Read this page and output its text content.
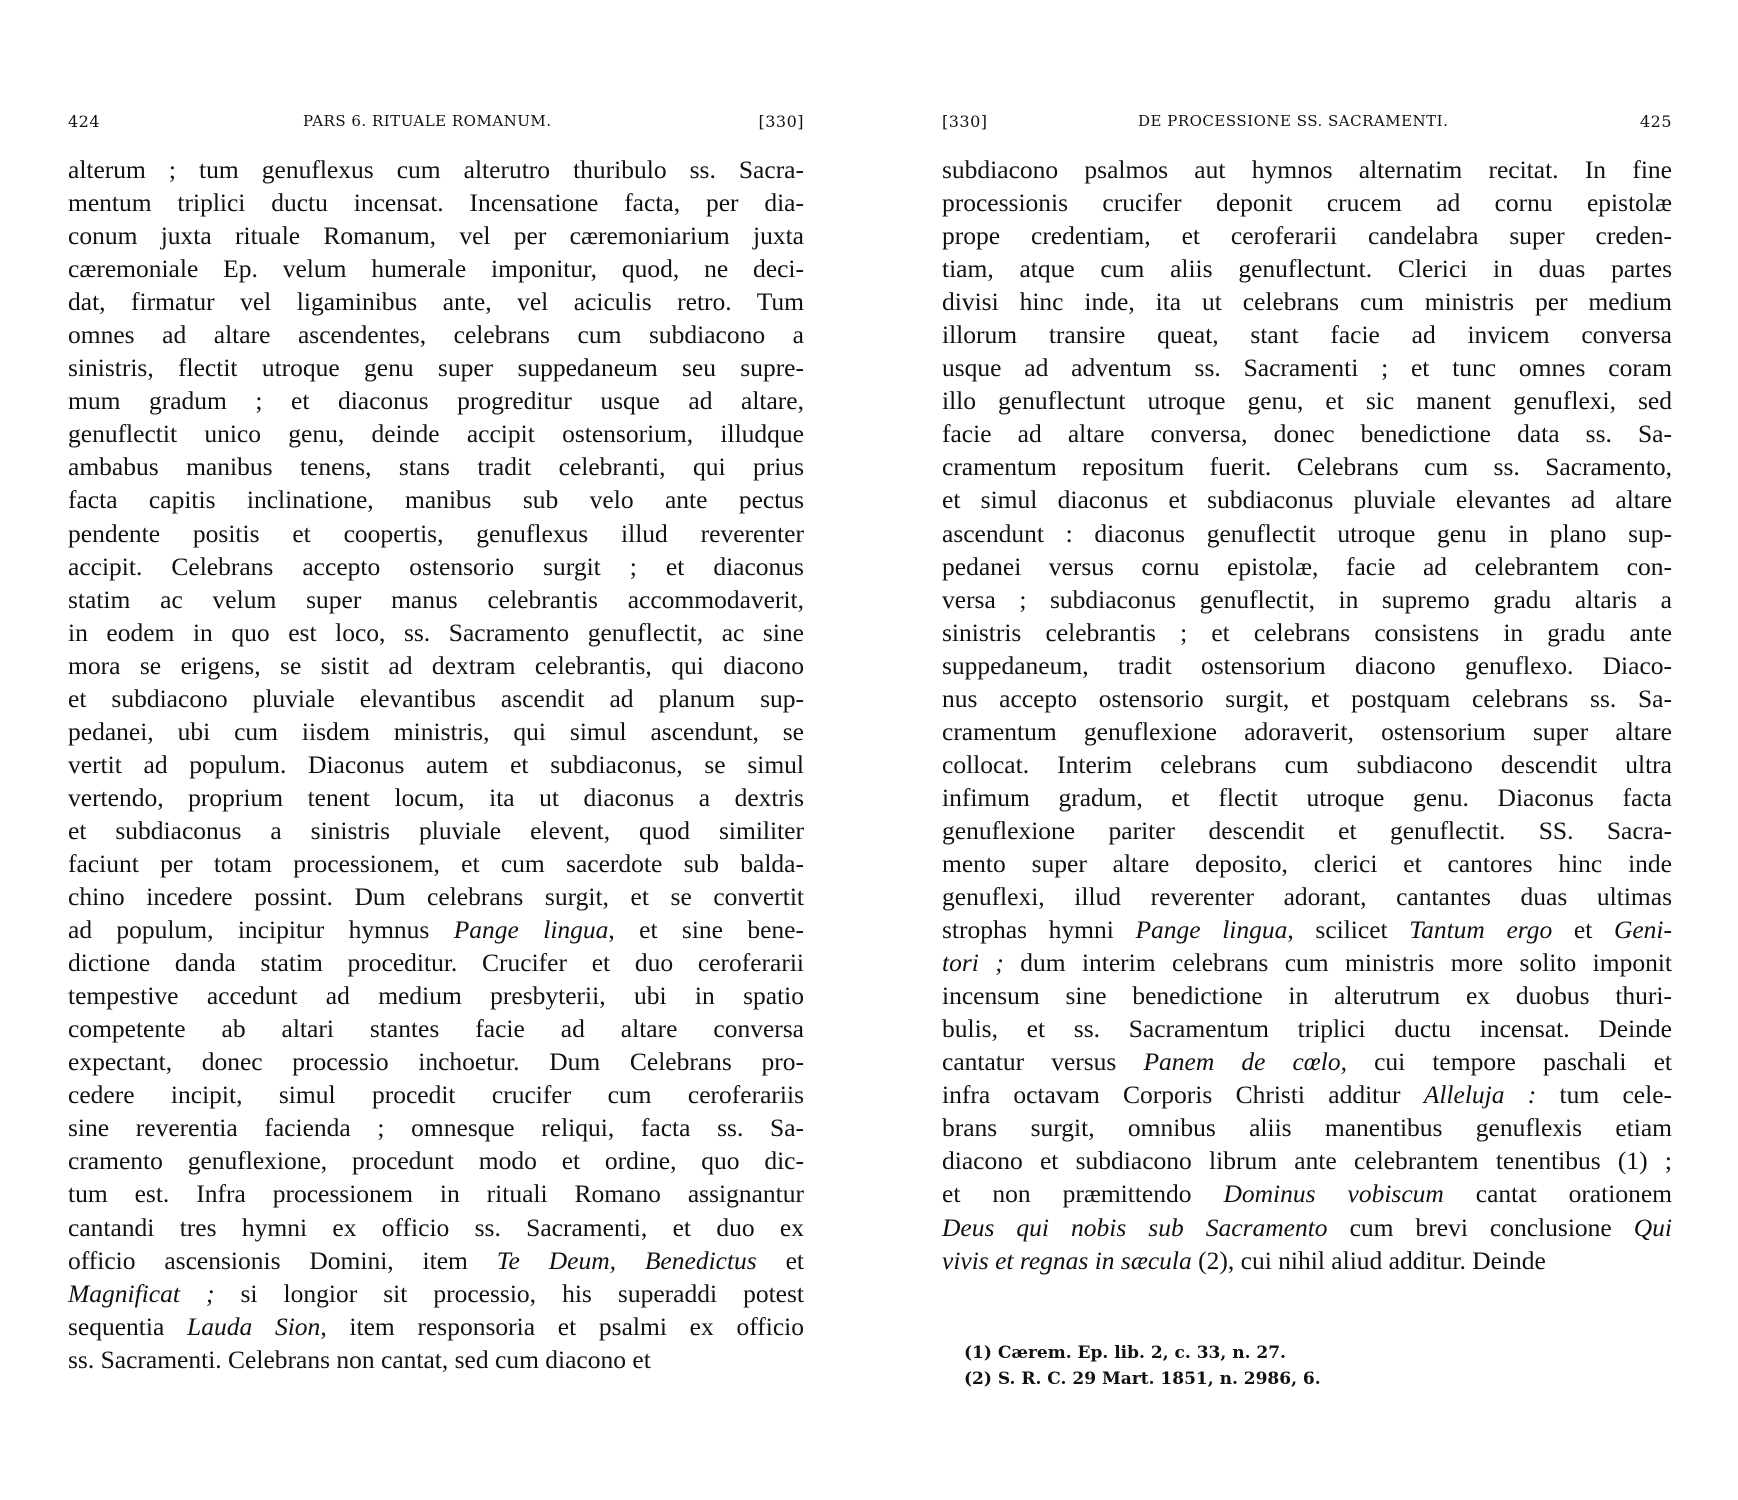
424	PARS 6. RITUALE ROMANUM.	[330]
alterum ; tum genuflexus cum alterutro thuribulo ss. Sacra-
mentum triplici ductu incensat. Incensatione facta, per dia-
conum juxta rituale Romanum, vel per cæremoniarium juxta
cæremoniale Ep. velum humerale imponitur, quod, ne deci-
dat, firmatur vel ligaminibus ante, vel aciculis retro. Tum
omnes ad altare ascendentes, celebrans cum subdiacono a
sinistris, flectit utroque genu super suppedaneum seu supre-
mum gradum ; et diaconus progreditur usque ad altare,
genuflectit unico genu, deinde accipit ostensorium, illudque
ambabus manibus tenens, stans tradit celebranti, qui prius
facta capitis inclinatione, manibus sub velo ante pectus
pendente positis et coopertis, genuflexus illud reverenter
accipit. Celebrans accepto ostensorio surgit ; et diaconus
statim ac velum super manus celebrantis accommodaverit,
in eodem in quo est loco, ss. Sacramento genuflectit, ac sine
mora se erigens, se sistit ad dextram celebrantis, qui diacono
et subdiacono pluviale elevantibus ascendit ad planum sup-
pedanei, ubi cum iisdem ministris, qui simul ascendunt, se
vertit ad populum. Diaconus autem et subdiaconus, se simul
vertendo, proprium tenent locum, ita ut diaconus a dextris
et subdiaconus a sinistris pluviale elevent, quod similiter
faciunt per totam processionem, et cum sacerdote sub balda-
chino incedere possint. Dum celebrans surgit, et se convertit
ad populum, incipitur hymnus Pange lingua, et sine bene-
dictione danda statim proceditur. Crucifer et duo ceroferarii
tempestive accedunt ad medium presbyterii, ubi in spatio
competente ab altari stantes facie ad altare conversa
expectant, donec processio inchoetur. Dum Celebrans pro-
cedere incipit, simul procedit crucifer cum ceroferariis
sine reverentia facienda ; omnesque reliqui, facta ss. Sa-
cramento genuflexione, procedunt modo et ordine, quo dic-
tum est. Infra processionem in rituali Romano assignantur
cantandi tres hymni ex officio ss. Sacramenti, et duo ex
officio ascensionis Domini, item Te Deum, Benedictus et
Magnificat ; si longior sit processio, his superaddi potest
sequentia Lauda Sion, item responsoria et psalmi ex officio
ss. Sacramenti. Celebrans non cantat, sed cum diacono et
[330]	DE PROCESSIONE SS. SACRAMENTI.	425
subdiacono psalmos aut hymnos alternatim recitat. In fine
processionis crucifer deponit crucem ad cornu epistolæ
prope credentiam, et ceroferarii candelabra super creden-
tiam, atque cum aliis genuflectunt. Clerici in duas partes
divisi hinc inde, ita ut celebrans cum ministris per medium
illorum transire queat, stant facie ad invicem conversa
usque ad adventum ss. Sacramenti ; et tunc omnes coram
illo genuflectunt utroque genu, et sic manent genuflexi, sed
facie ad altare conversa, donec benedictione data ss. Sa-
cramentum repositum fuerit. Celebrans cum ss. Sacramento,
et simul diaconus et subdiaconus pluviale elevantes ad altare
ascendunt : diaconus genuflectit utroque genu in plano sup-
pedanei versus cornu epistolæ, facie ad celebrantem con-
versa ; subdiaconus genuflectit, in supremo gradu altaris a
sinistris celebrantis ; et celebrans consistens in gradu ante
suppedaneum, tradit ostensorium diacono genuflexo. Diaco-
nus accepto ostensorio surgit, et postquam celebrans ss. Sa-
cramentum genuflexione adoraverit, ostensorium super altare
collocat. Interim celebrans cum subdiacono descendit ultra
infimum gradum, et flectit utroque genu. Diaconus facta
genuflexione pariter descendit et genuflectit. SS. Sacra-
mento super altare deposito, clerici et cantores hinc inde
genuflexi, illud reverenter adorant, cantantes duas ultimas
strophas hymni Pange lingua, scilicet Tantum ergo et Geni-
tori ; dum interim celebrans cum ministris more solito imponit
incensum sine benedictione in alterutrum ex duobus thuri-
bulis, et ss. Sacramentum triplici ductu incensat. Deinde
cantatur versus Panem de cœlo, cui tempore paschali et
infra octavam Corporis Christi additur Alleluja : tum cele-
brans surgit, omnibus aliis manentibus genuflexis etiam
diacono et subdiacono librum ante celebrantem tenentibus (1) ;
et non præmittendo Dominus vobiscum cantat orationem
Deus qui nobis sub Sacramento cum brevi conclusione Qui
vivis et regnas in sæcula (2), cui nihil aliud additur. Deinde
(1) Cærem. Ep. lib. 2, c. 33, n. 27.
(2) S. R. C. 29 Mart. 1851, n. 2986, 6.
